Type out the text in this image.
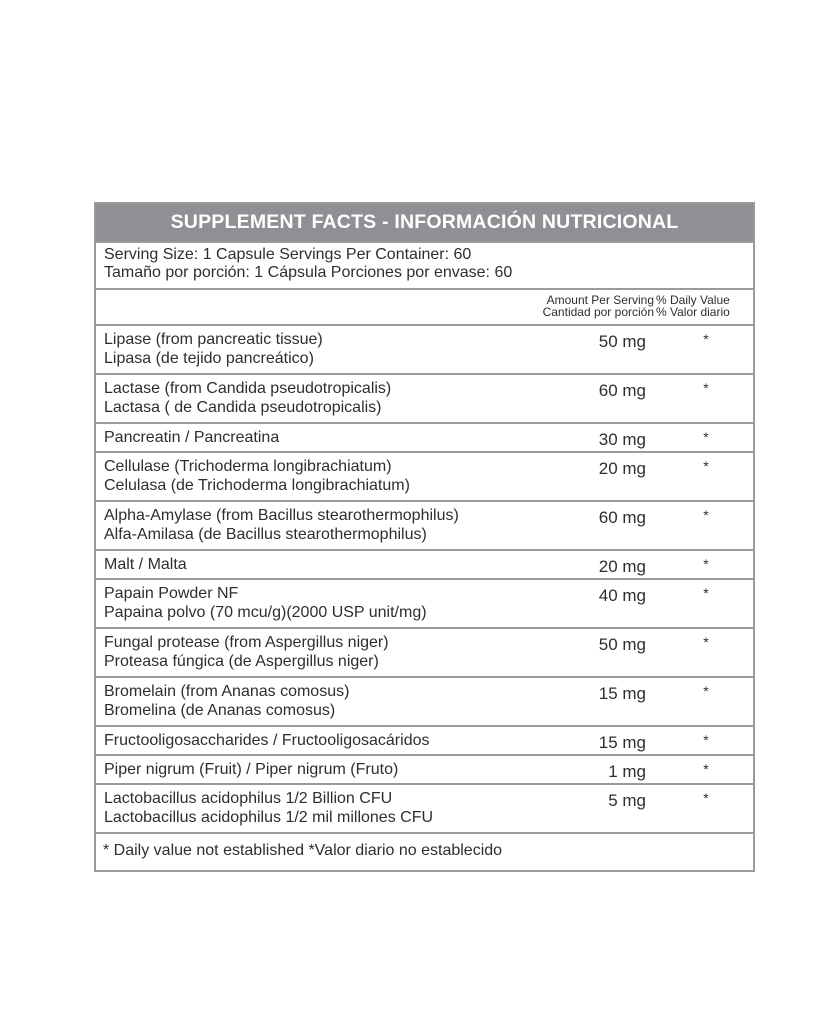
SUPPLEMENT FACTS - INFORMACIÓN NUTRICIONAL
Serving Size: 1 Capsule Servings Per Container: 60
Tamaño por porción: 1 Cápsula Porciones por envase: 60
Amount Per Serving
Cantidad por porción
% Daily Value
% Valor diario
Lipase (from pancreatic tissue)
Lipasa (de tejido pancreático)
50 mg	*
Lactase (from Candida pseudotropicalis)
Lactasa ( de Candida pseudotropicalis)
60 mg	*
Pancreatin / Pancreatina	30 mg	*
Cellulase (Trichoderma longibrachiatum)
Celulasa (de Trichoderma longibrachiatum)
20 mg	*
Alpha-Amylase (from Bacillus stearothermophilus)
Alfa-Amilasa (de Bacillus stearothermophilus)
60 mg	*
Malt / Malta	20 mg	*
Papain Powder NF
Papaina polvo (70 mcu/g)(2000 USP unit/mg)
40 mg	*
Fungal protease (from Aspergillus niger)
Proteasa fúngica (de Aspergillus niger)
50 mg	*
Bromelain (from Ananas comosus)
Bromelina (de Ananas comosus)
15 mg	*
Fructooligosaccharides / Fructooligosacáridos	15 mg	*
Piper nigrum (Fruit) / Piper nigrum (Fruto)	1 mg	*
Lactobacillus acidophilus 1/2 Billion CFU
Lactobacillus acidophilus 1/2 mil millones CFU
5 mg	*
* Daily value not established *Valor diario no establecido
